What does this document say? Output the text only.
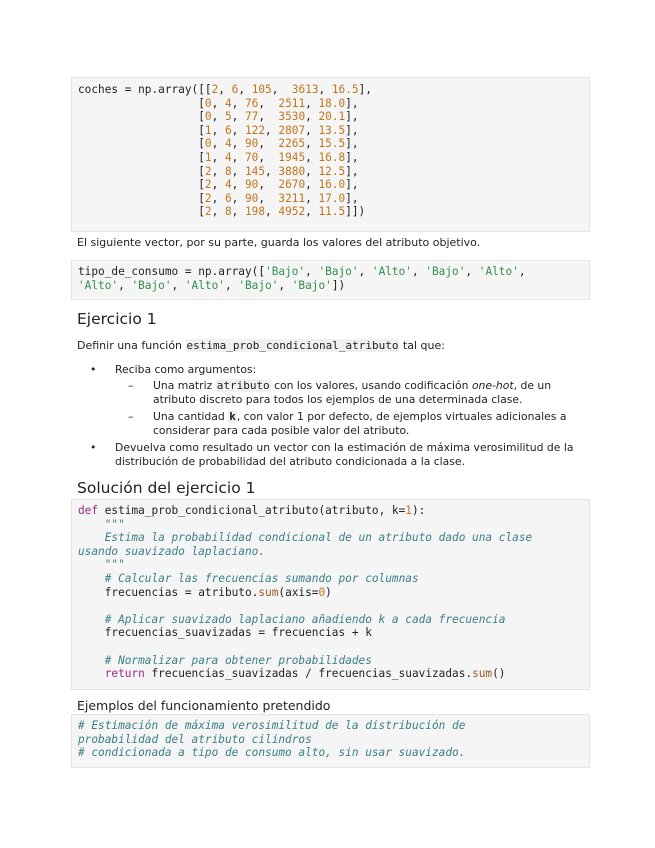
coches = np.array([[2, 6, 105,  3613, 16.5],
[0, 4, 76,  2511, 18.0],
[0, 5, 77,  3530, 20.1],
[1, 6, 122, 2807, 13.5],
[0, 4, 90,  2265, 15.5],
[1, 4, 70,  1945, 16.8],
[2, 8, 145, 3880, 12.5],
[2, 4, 90,  2670, 16.0],
[2, 6, 90,  3211, 17.0],
[2, 8, 198, 4952, 11.5]])
El siguiente vector, por su parte, guarda los valores del atributo objetivo.
tipo_de_consumo = np.array(['Bajo', 'Bajo', 'Alto', 'Bajo', 'Alto',
'Alto', 'Bajo', 'Alto', 'Bajo', 'Bajo'])
Ejercicio 1
Definir una función estima_prob_condicional_atributo tal que:
• Reciba como argumentos:
– Una matriz atributo con los valores, usando codificación one-hot, de un
atributo discreto para todos los ejemplos de una determinada clase.
– Una cantidad k, con valor 1 por defecto, de ejemplos virtuales adicionales a
considerar para cada posible valor del atributo.
• Devuelva como resultado un vector con la estimación de máxima verosimilitud de la
distribución de probabilidad del atributo condicionada a la clase.
Solución del ejercicio 1
def estima_prob_condicional_atributo(atributo, k=1):
"""
Estima la probabilidad condicional de un atributo dado una clase
usando suavizado laplaciano.
"""
# Calcular las frecuencias sumando por columnas
frecuencias = atributo.sum(axis=0)

# Aplicar suavizado laplaciano añadiendo k a cada frecuencia
frecuencias_suavizadas = frecuencias + k

# Normalizar para obtener probabilidades
return frecuencias_suavizadas / frecuencias_suavizadas.sum()
Ejemplos del funcionamiento pretendido
# Estimación de máxima verosimilitud de la distribución de
probabilidad del atributo cilindros
# condicionada a tipo de consumo alto, sin usar suavizado.
